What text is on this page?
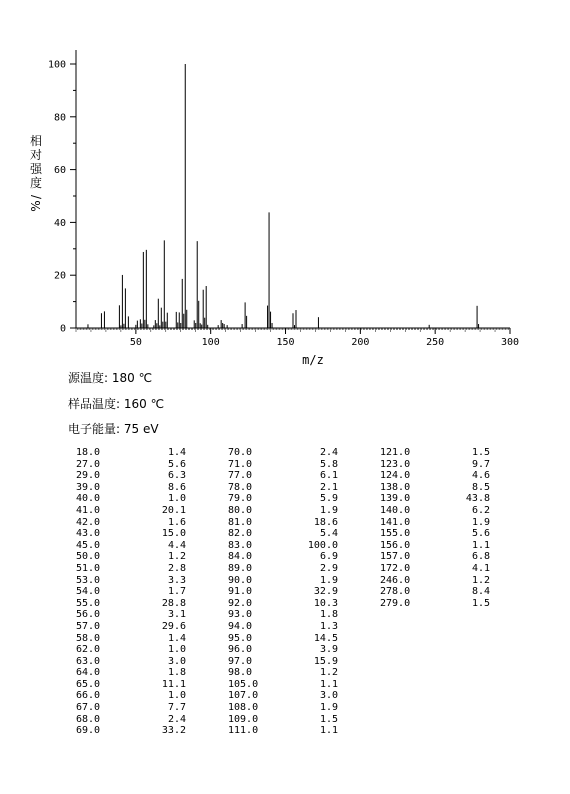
50	100	150	200	250	300
0
20
40
60
80
100
m/z
相
对
强
度
/
%
源温度: 180 ℃
样品温度: 160 ℃
电子能量: 75 eV
18.0	1.4
27.0	5.6
29.0	6.3
39.0	8.6
40.0	1.0
41.0	20.1
42.0	1.6
43.0	15.0
45.0	4.4
50.0	1.2
51.0	2.8
53.0	3.3
54.0	1.7
55.0	28.8
56.0	3.1
57.0	29.6
58.0	1.4
62.0	1.0
63.0	3.0
64.0	1.8
65.0	11.1
66.0	1.0
67.0	7.7
68.0	2.4
69.0	33.2
70.0	2.4
71.0	5.8
77.0	6.1
78.0	2.1
79.0	5.9
80.0	1.9
81.0	18.6
82.0	5.4
83.0	100.0
84.0	6.9
89.0	2.9
90.0	1.9
91.0	32.9
92.0	10.3
93.0	1.8
94.0	1.3
95.0	14.5
96.0	3.9
97.0	15.9
98.0	1.2
105.0	1.1
107.0	3.0
108.0	1.9
109.0	1.5
111.0	1.1
121.0	1.5
123.0	9.7
124.0	4.6
138.0	8.5
139.0	43.8
140.0	6.2
141.0	1.9
155.0	5.6
156.0	1.1
157.0	6.8
172.0	4.1
246.0	1.2
278.0	8.4
279.0	1.5
